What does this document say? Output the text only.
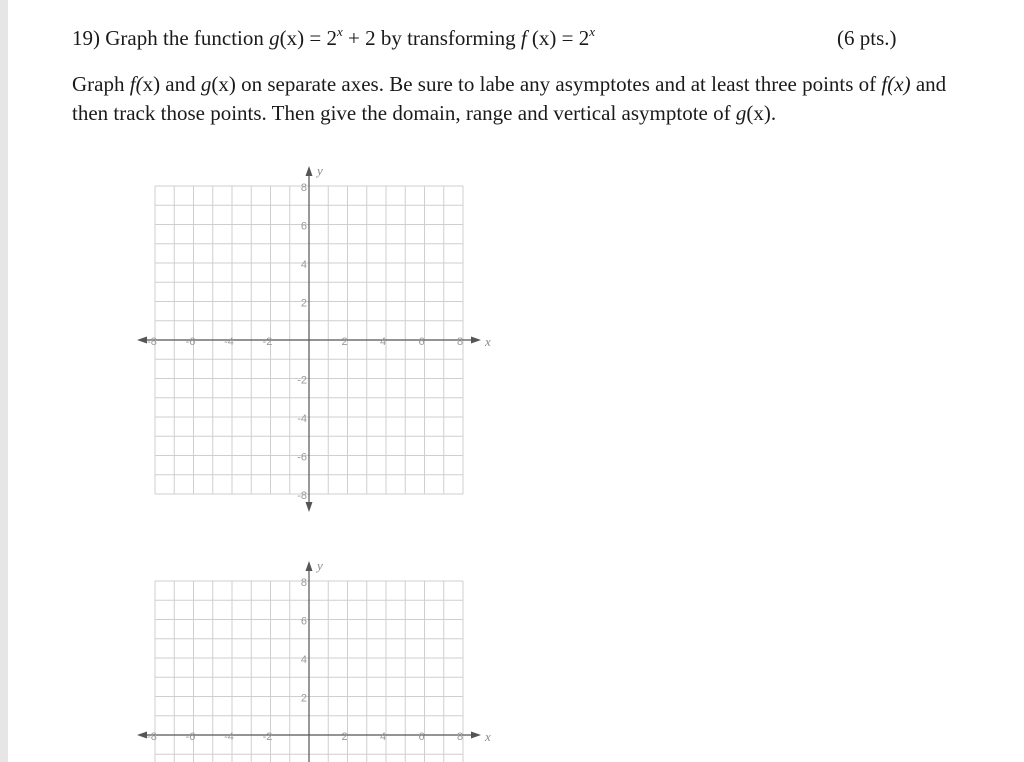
19) Graph the function $g(x) = 2^x + 2$ by transforming f $(x) = 2^x$	(6 pts.)
Graph f(x) and g(x) on separate axes. Be sure to labe any asymptotes and at least three points of f(x) and
then track those points. Then give the domain, range and vertical asymptote of g(x).
-8	-6	-4	-2	2	4	6	8
8
6
4
2
-2
-4
-6
-8
x
y
-8	-6	-4	-2	2	4	6	8
8
6
4
2
x
y
